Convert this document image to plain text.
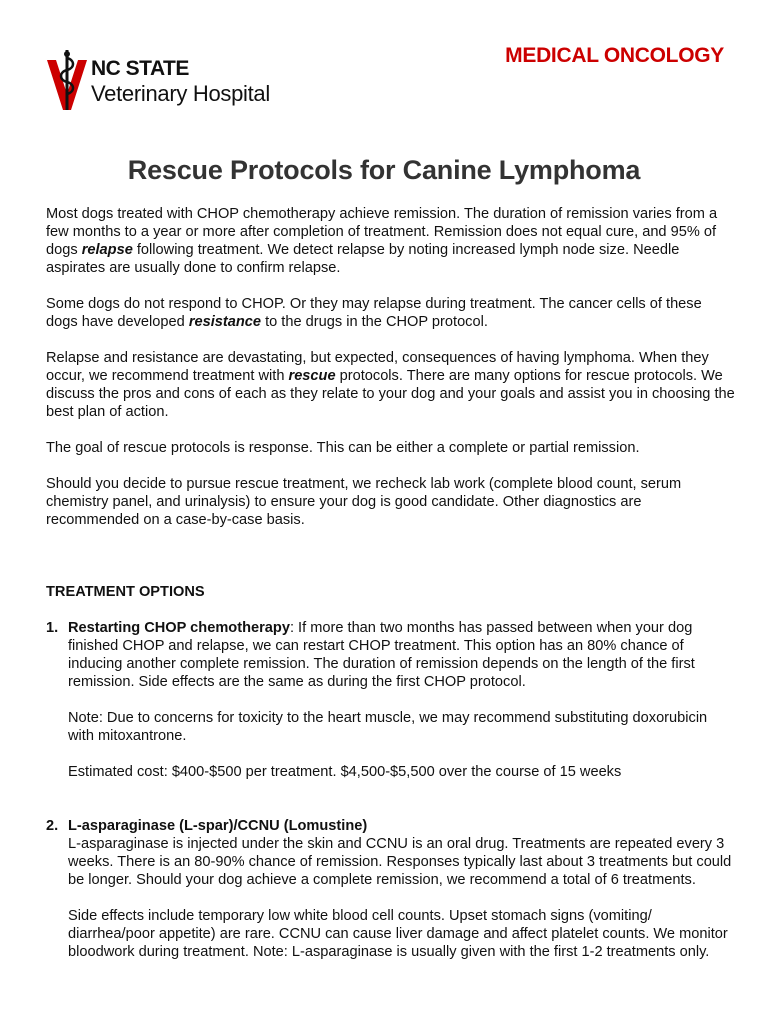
NC STATE
Veterinary Hospital
MEDICAL ONCOLOGY
Rescue Protocols for Canine Lymphoma

Most dogs treated with CHOP chemotherapy achieve remission. The duration of remission varies from a few months to a year or more after completion of treatment. Remission does not equal cure, and 95% of dogs relapse following treatment. We detect relapse by noting increased lymph node size. Needle aspirates are usually done to confirm relapse.

Some dogs do not respond to CHOP. Or they may relapse during treatment. The cancer cells of these dogs have developed resistance to the drugs in the CHOP protocol.

Relapse and resistance are devastating, but expected, consequences of having lymphoma. When they occur, we recommend treatment with rescue protocols. There are many options for rescue protocols. We discuss the pros and cons of each as they relate to your dog and your goals and assist you in choosing the best plan of action.

The goal of rescue protocols is response. This can be either a complete or partial remission.

Should you decide to pursue rescue treatment, we recheck lab work (complete blood count, serum chemistry panel, and urinalysis) to ensure your dog is good candidate. Other diagnostics are recommended on a case-by-case basis.

TREATMENT OPTIONS
1. Restarting CHOP chemotherapy: If more than two months has passed between when your dog finished CHOP and relapse, we can restart CHOP treatment. This option has an 80% chance of inducing another complete remission. The duration of remission depends on the length of the first remission. Side effects are the same as during the first CHOP protocol.

Note: Due to concerns for toxicity to the heart muscle, we may recommend substituting doxorubicin with mitoxantrone.

Estimated cost: $400-$500 per treatment. $4,500-$5,500 over the course of 15 weeks

2. L-asparaginase (L-spar)/CCNU (Lomustine)

L-asparaginase is injected under the skin and CCNU is an oral drug. Treatments are repeated every 3 weeks. There is an 80-90% chance of remission. Responses typically last about 3 treatments but could be longer. Should your dog achieve a complete remission, we recommend a total of 6 treatments.

Side effects include temporary low white blood cell counts. Upset stomach signs (vomiting/ diarrhea/poor appetite) are rare. CCNU can cause liver damage and affect platelet counts. We monitor bloodwork during treatment. Note: L-asparaginase is usually given with the first 1-2 treatments only.
